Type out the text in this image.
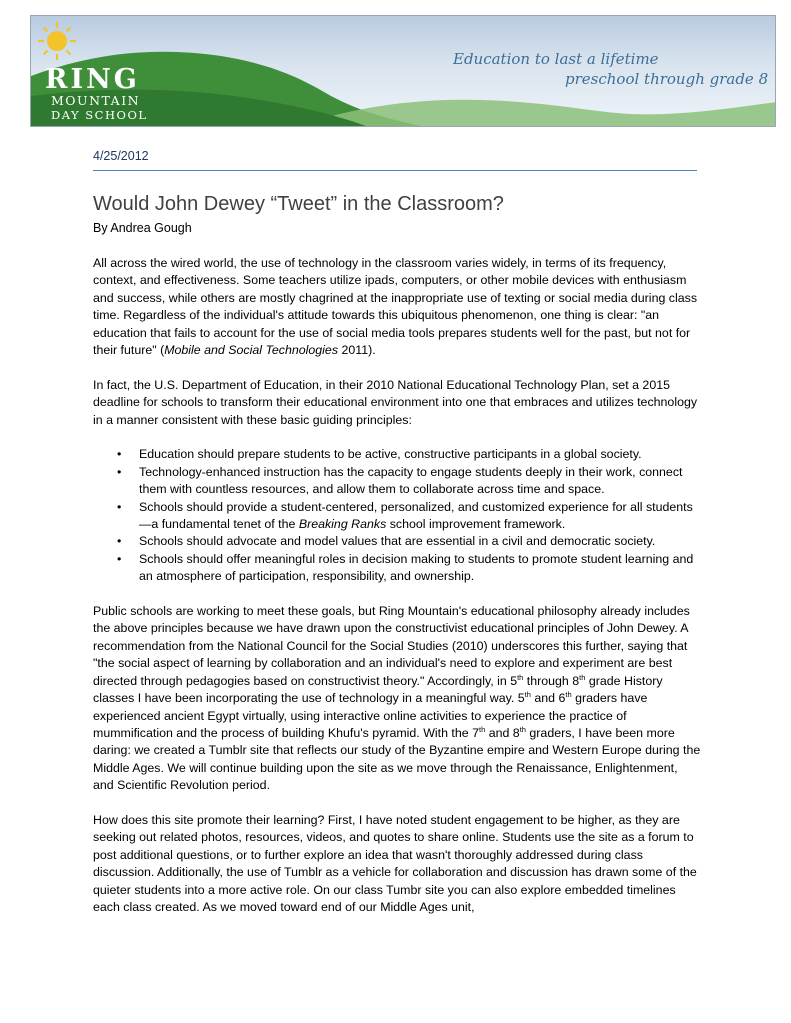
RING
MOUNTAIN
DAY SCHOOL
Education to last a lifetime
preschool through grade 8
4/25/2012
Would John Dewey “Tweet” in the Classroom?
By Andrea Gough

All across the wired world, the use of technology in the classroom varies widely, in terms of its frequency, context, and effectiveness. Some teachers utilize ipads, computers, or other mobile devices with enthusiasm and success, while others are mostly chagrined at the inappropriate use of texting or social media during class time. Regardless of the individual's attitude towards this ubiquitous phenomenon, one thing is clear: "an education that fails to account for the use of social media tools prepares students well for the past, but not for their future" (Mobile and Social Technologies 2011).

In fact, the U.S. Department of Education, in their 2010 National Educational Technology Plan, set a 2015 deadline for schools to transform their educational environment into one that embraces and utilizes technology in a manner consistent with these basic guiding principles:

• Education should prepare students to be active, constructive participants in a global society.
• Technology-enhanced instruction has the capacity to engage students deeply in their work, connect them with countless resources, and allow them to collaborate across time and space.
• Schools should provide a student-centered, personalized, and customized experience for all students—a fundamental tenet of the Breaking Ranks school improvement framework.
• Schools should advocate and model values that are essential in a civil and democratic society.
• Schools should offer meaningful roles in decision making to students to promote student learning and an atmosphere of participation, responsibility, and ownership.

Public schools are working to meet these goals, but Ring Mountain's educational philosophy already includes the above principles because we have drawn upon the constructivist educational principles of John Dewey. A recommendation from the National Council for the Social Studies (2010) underscores this further, saying that "the social aspect of learning by collaboration and an individual's need to explore and experiment are best directed through pedagogies based on constructivist theory." Accordingly, in 5th through 8th grade History classes I have been incorporating the use of technology in a meaningful way. 5th and 6th graders have experienced ancient Egypt virtually, using interactive online activities to experience the practice of mummification and the process of building Khufu's pyramid. With the 7th and 8th graders, I have been more daring: we created a Tumblr site that reflects our study of the Byzantine empire and Western Europe during the Middle Ages. We will continue building upon the site as we move through the Renaissance, Enlightenment, and Scientific Revolution period.

How does this site promote their learning? First, I have noted student engagement to be higher, as they are seeking out related photos, resources, videos, and quotes to share online. Students use the site as a forum to post additional questions, or to further explore an idea that wasn't thoroughly addressed during class discussion. Additionally, the use of Tumblr as a vehicle for collaboration and discussion has drawn some of the quieter students into a more active role. On our class Tumbr site you can also explore embedded timelines each class created. As we moved toward end of our Middle Ages unit,
